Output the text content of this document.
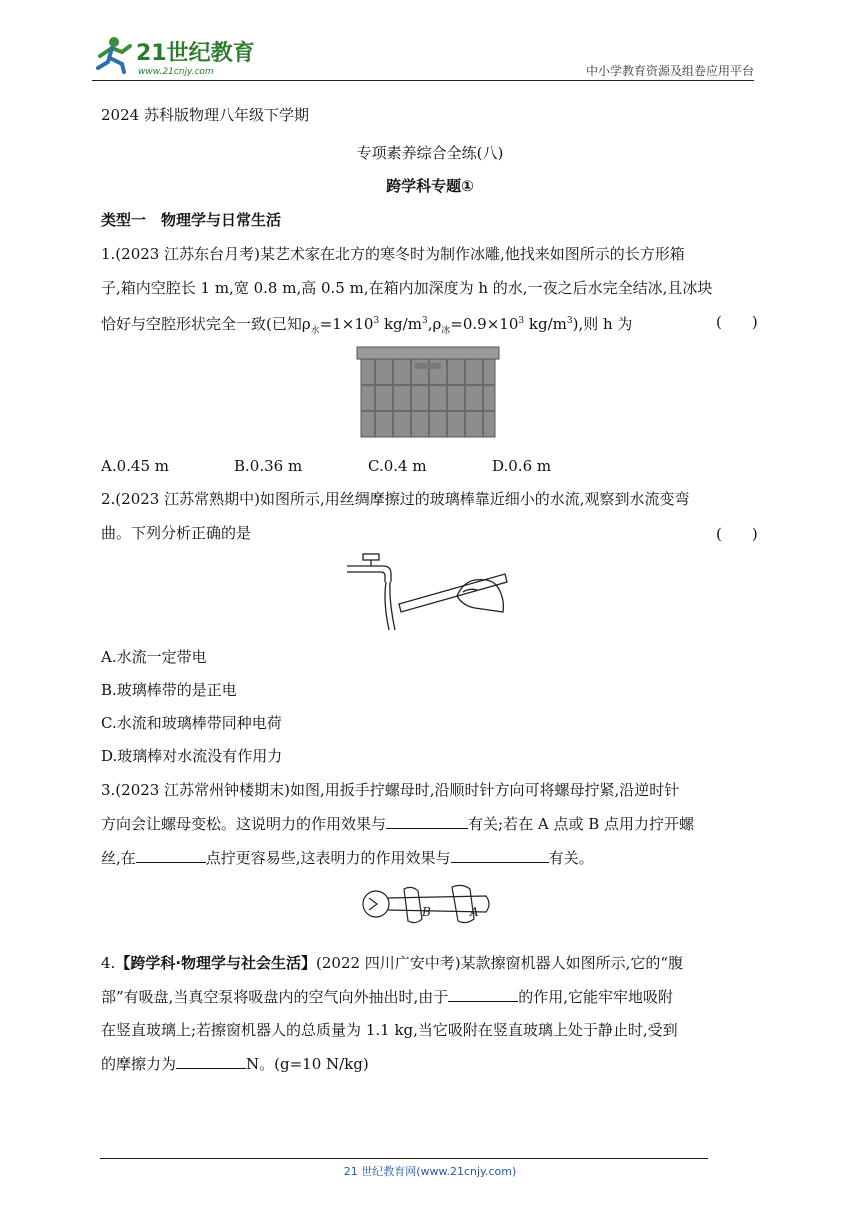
21世纪教育
www.21cnjy.com	中小学教育资源及组卷应用平台
2024 苏科版物理八年级下学期
专项素养综合全练(八)
跨学科专题①
类型一　物理学与日常生活
1.(2023 江苏东台月考)某艺术家在北方的寒冬时为制作冰雕,他找来如图所示的长方形箱
子,箱内空腔长 1 m,宽 0.8 m,高 0.5 m,在箱内加深度为 h 的水,一夜之后水完全结冰,且冰块
恰好与空腔形状完全一致(已知$\rho_水=1\times 10^3$ $kg/m^3,\rho_冰=0.9\times 10^3$ $kg/m^3$),则 h 为	(　　)
A.0.45 m	B.0.36 m	C.0.4 m	D.0.6 m
2.(2023 江苏常熟期中)如图所示,用丝绸摩擦过的玻璃棒靠近细小的水流,观察到水流变弯
曲。下列分析正确的是	(　　)
A.水流一定带电
B.玻璃棒带的是正电
C.水流和玻璃棒带同种电荷
D.玻璃棒对水流没有作用力
3.(2023 江苏常州钟楼期末)如图,用扳手拧螺母时,沿顺时针方向可将螺母拧紧,沿逆时针
方向会让螺母变松。这说明力的作用效果与	有关;若在 A 点或 B 点用力拧开螺
丝,在	点拧更容易些,这表明力的作用效果与	有关。
B	A
4.【跨学科·物理学与社会生活】(2022 四川广安中考)某款擦窗机器人如图所示,它的“腹
部”有吸盘,当真空泵将吸盘内的空气向外抽出时,由于	的作用,它能牢牢地吸附
在竖直玻璃上;若擦窗机器人的总质量为 1.1 kg,当它吸附在竖直玻璃上处于静止时,受到
的摩擦力为	N。(g=10 N/kg)
21 世纪教育网(www.21cnjy.com)
